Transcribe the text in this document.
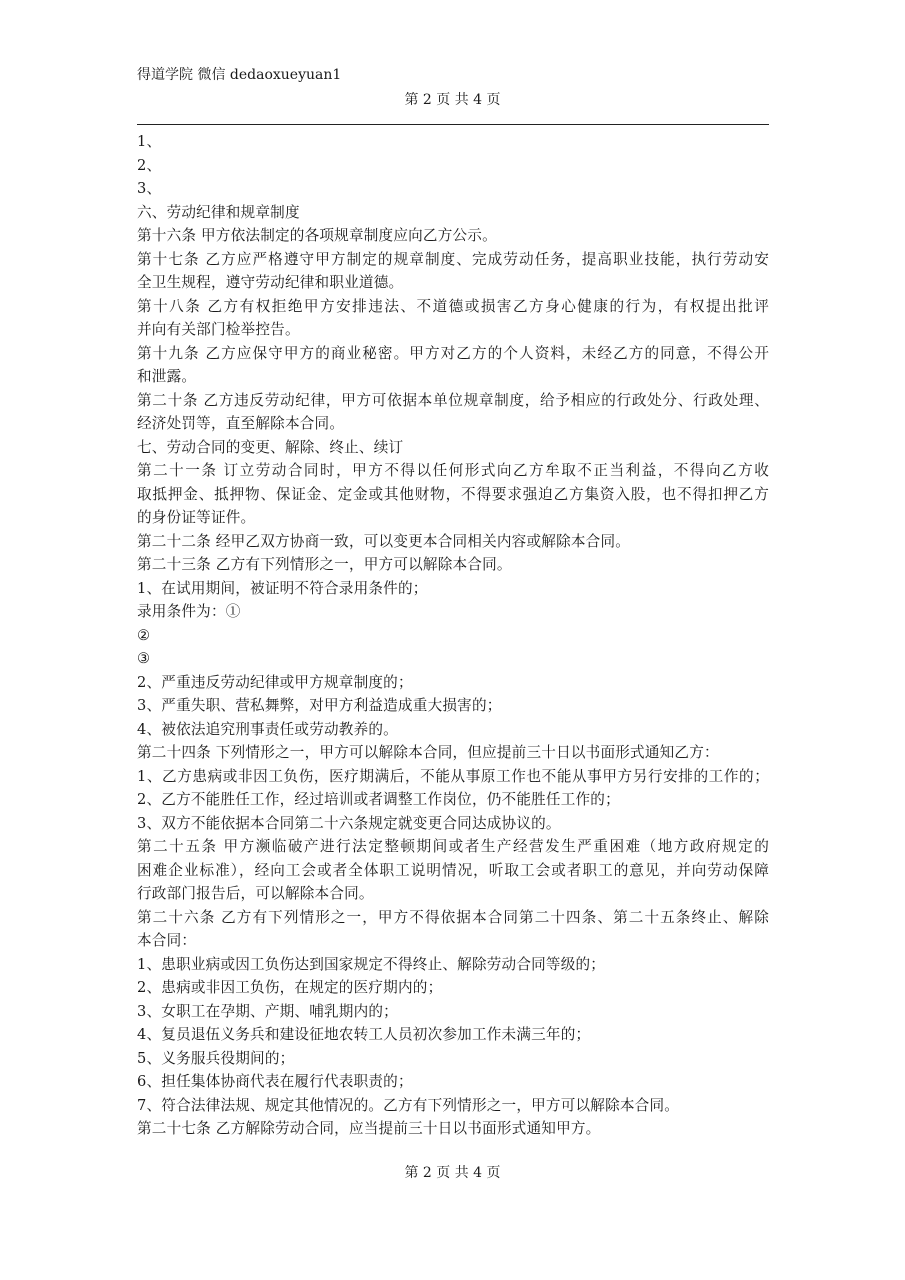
得道学院 微信 dedaoxueyuan1
第 2 页 共 4 页
1、
2、
3、
六、劳动纪律和规章制度
第十六条 甲方依法制定的各项规章制度应向乙方公示。
第十七条 乙方应严格遵守甲方制定的规章制度、完成劳动任务，提高职业技能，执行劳动安
全卫生规程，遵守劳动纪律和职业道德。
第十八条 乙方有权拒绝甲方安排违法、不道德或损害乙方身心健康的行为，有权提出批评
并向有关部门检举控告。
第十九条 乙方应保守甲方的商业秘密。甲方对乙方的个人资料，未经乙方的同意，不得公开
和泄露。
第二十条 乙方违反劳动纪律，甲方可依据本单位规章制度，给予相应的行政处分、行政处理、
经济处罚等，直至解除本合同。
七、劳动合同的变更、解除、终止、续订
第二十一条 订立劳动合同时，甲方不得以任何形式向乙方牟取不正当利益，不得向乙方收
取抵押金、抵押物、保证金、定金或其他财物，不得要求强迫乙方集资入股，也不得扣押乙方
的身份证等证件。
第二十二条 经甲乙双方协商一致，可以变更本合同相关内容或解除本合同。
第二十三条 乙方有下列情形之一，甲方可以解除本合同。
1、在试用期间，被证明不符合录用条件的；
录用条件为：①
②
③
2、严重违反劳动纪律或甲方规章制度的；
3、严重失职、营私舞弊，对甲方利益造成重大损害的；
4、被依法追究刑事责任或劳动教养的。
第二十四条 下列情形之一，甲方可以解除本合同，但应提前三十日以书面形式通知乙方：
1、乙方患病或非因工负伤，医疗期满后，不能从事原工作也不能从事甲方另行安排的工作的；
2、乙方不能胜任工作，经过培训或者调整工作岗位，仍不能胜任工作的；
3、双方不能依据本合同第二十六条规定就变更合同达成协议的。
第二十五条 甲方濒临破产进行法定整顿期间或者生产经营发生严重困难（地方政府规定的
困难企业标准），经向工会或者全体职工说明情况，听取工会或者职工的意见，并向劳动保障
行政部门报告后，可以解除本合同。
第二十六条 乙方有下列情形之一，甲方不得依据本合同第二十四条、第二十五条终止、解除
本合同：
1、患职业病或因工负伤达到国家规定不得终止、解除劳动合同等级的；
2、患病或非因工负伤，在规定的医疗期内的；
3、女职工在孕期、产期、哺乳期内的；
4、复员退伍义务兵和建设征地农转工人员初次参加工作未满三年的；
5、义务服兵役期间的；
6、担任集体协商代表在履行代表职责的；
7、符合法律法规、规定其他情况的。乙方有下列情形之一，甲方可以解除本合同。
第二十七条 乙方解除劳动合同，应当提前三十日以书面形式通知甲方。
第 2 页 共 4 页
